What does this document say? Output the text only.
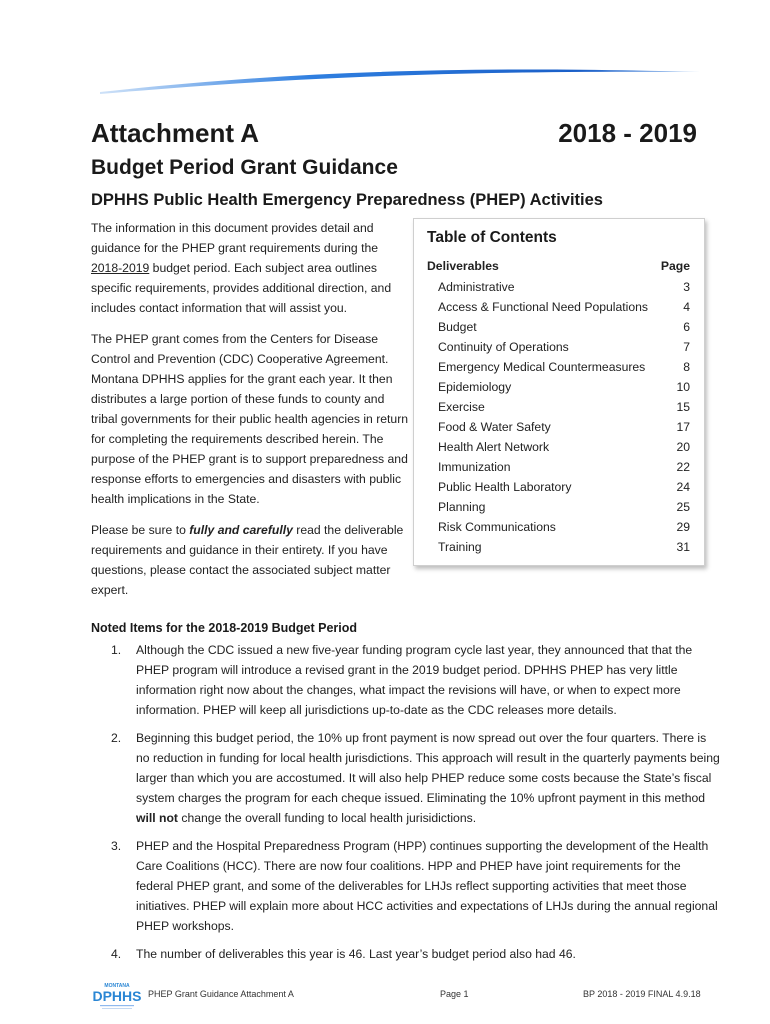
Attachment A	2018 - 2019
Budget Period Grant Guidance
DPHHS Public Health Emergency Preparedness (PHEP) Activities

The information in this document provides detail and guidance for the PHEP grant requirements during the 2018-2019 budget period. Each subject area outlines specific requirements, provides additional direction, and includes contact information that will assist you.

The PHEP grant comes from the Centers for Disease Control and Prevention (CDC) Cooperative Agreement. Montana DPHHS applies for the grant each year. It then distributes a large portion of these funds to county and tribal governments for their public health agencies in return for completing the requirements described herein. The purpose of the PHEP grant is to support preparedness and response efforts to emergencies and disasters with public health implications in the State.

Please be sure to fully and carefully read the deliverable requirements and guidance in their entirety. If you have questions, please contact the associated subject matter expert.

Table of Contents
Deliverables	Page
Administrative	3
Access & Functional Need Populations	4
Budget	6
Continuity of Operations	7
Emergency Medical Countermeasures	8
Epidemiology	10
Exercise	15
Food & Water Safety	17
Health Alert Network	20
Immunization	22
Public Health Laboratory	24
Planning	25
Risk Communications	29
Training	31
Noted Items for the 2018-2019 Budget Period
1. Although the CDC issued a new five-year funding program cycle last year, they announced that that the PHEP program will introduce a revised grant in the 2019 budget period. DPHHS PHEP has very little information right now about the changes, what impact the revisions will have, or when to expect more information. PHEP will keep all jurisdictions up-to-date as the CDC releases more details.
2. Beginning this budget period, the 10% up front payment is now spread out over the four quarters. There is no reduction in funding for local health jurisdictions. This approach will result in the quarterly payments being larger than which you are accostumed. It will also help PHEP reduce some costs because the State’s fiscal system charges the program for each cheque issued. Eliminating the 10% upfront payment in this method will not change the overall funding to local health jurisidictions.
3. PHEP and the Hospital Preparedness Program (HPP) continues supporting the development of the Health Care Coalitions (HCC). There are now four coalitions. HPP and PHEP have joint requirements for the federal PHEP grant, and some of the deliverables for LHJs reflect supporting activities that meet those initiatives. PHEP will explain more about HCC activities and expectations of LHJs during the annual regional PHEP workshops.
4. The number of deliverables this year is 46. Last year’s budget period also had 46.
MONTANA
DPHHS PHEP Grant Guidance Attachment A	Page 1	BP 2018 - 2019 FINAL 4.9.18
